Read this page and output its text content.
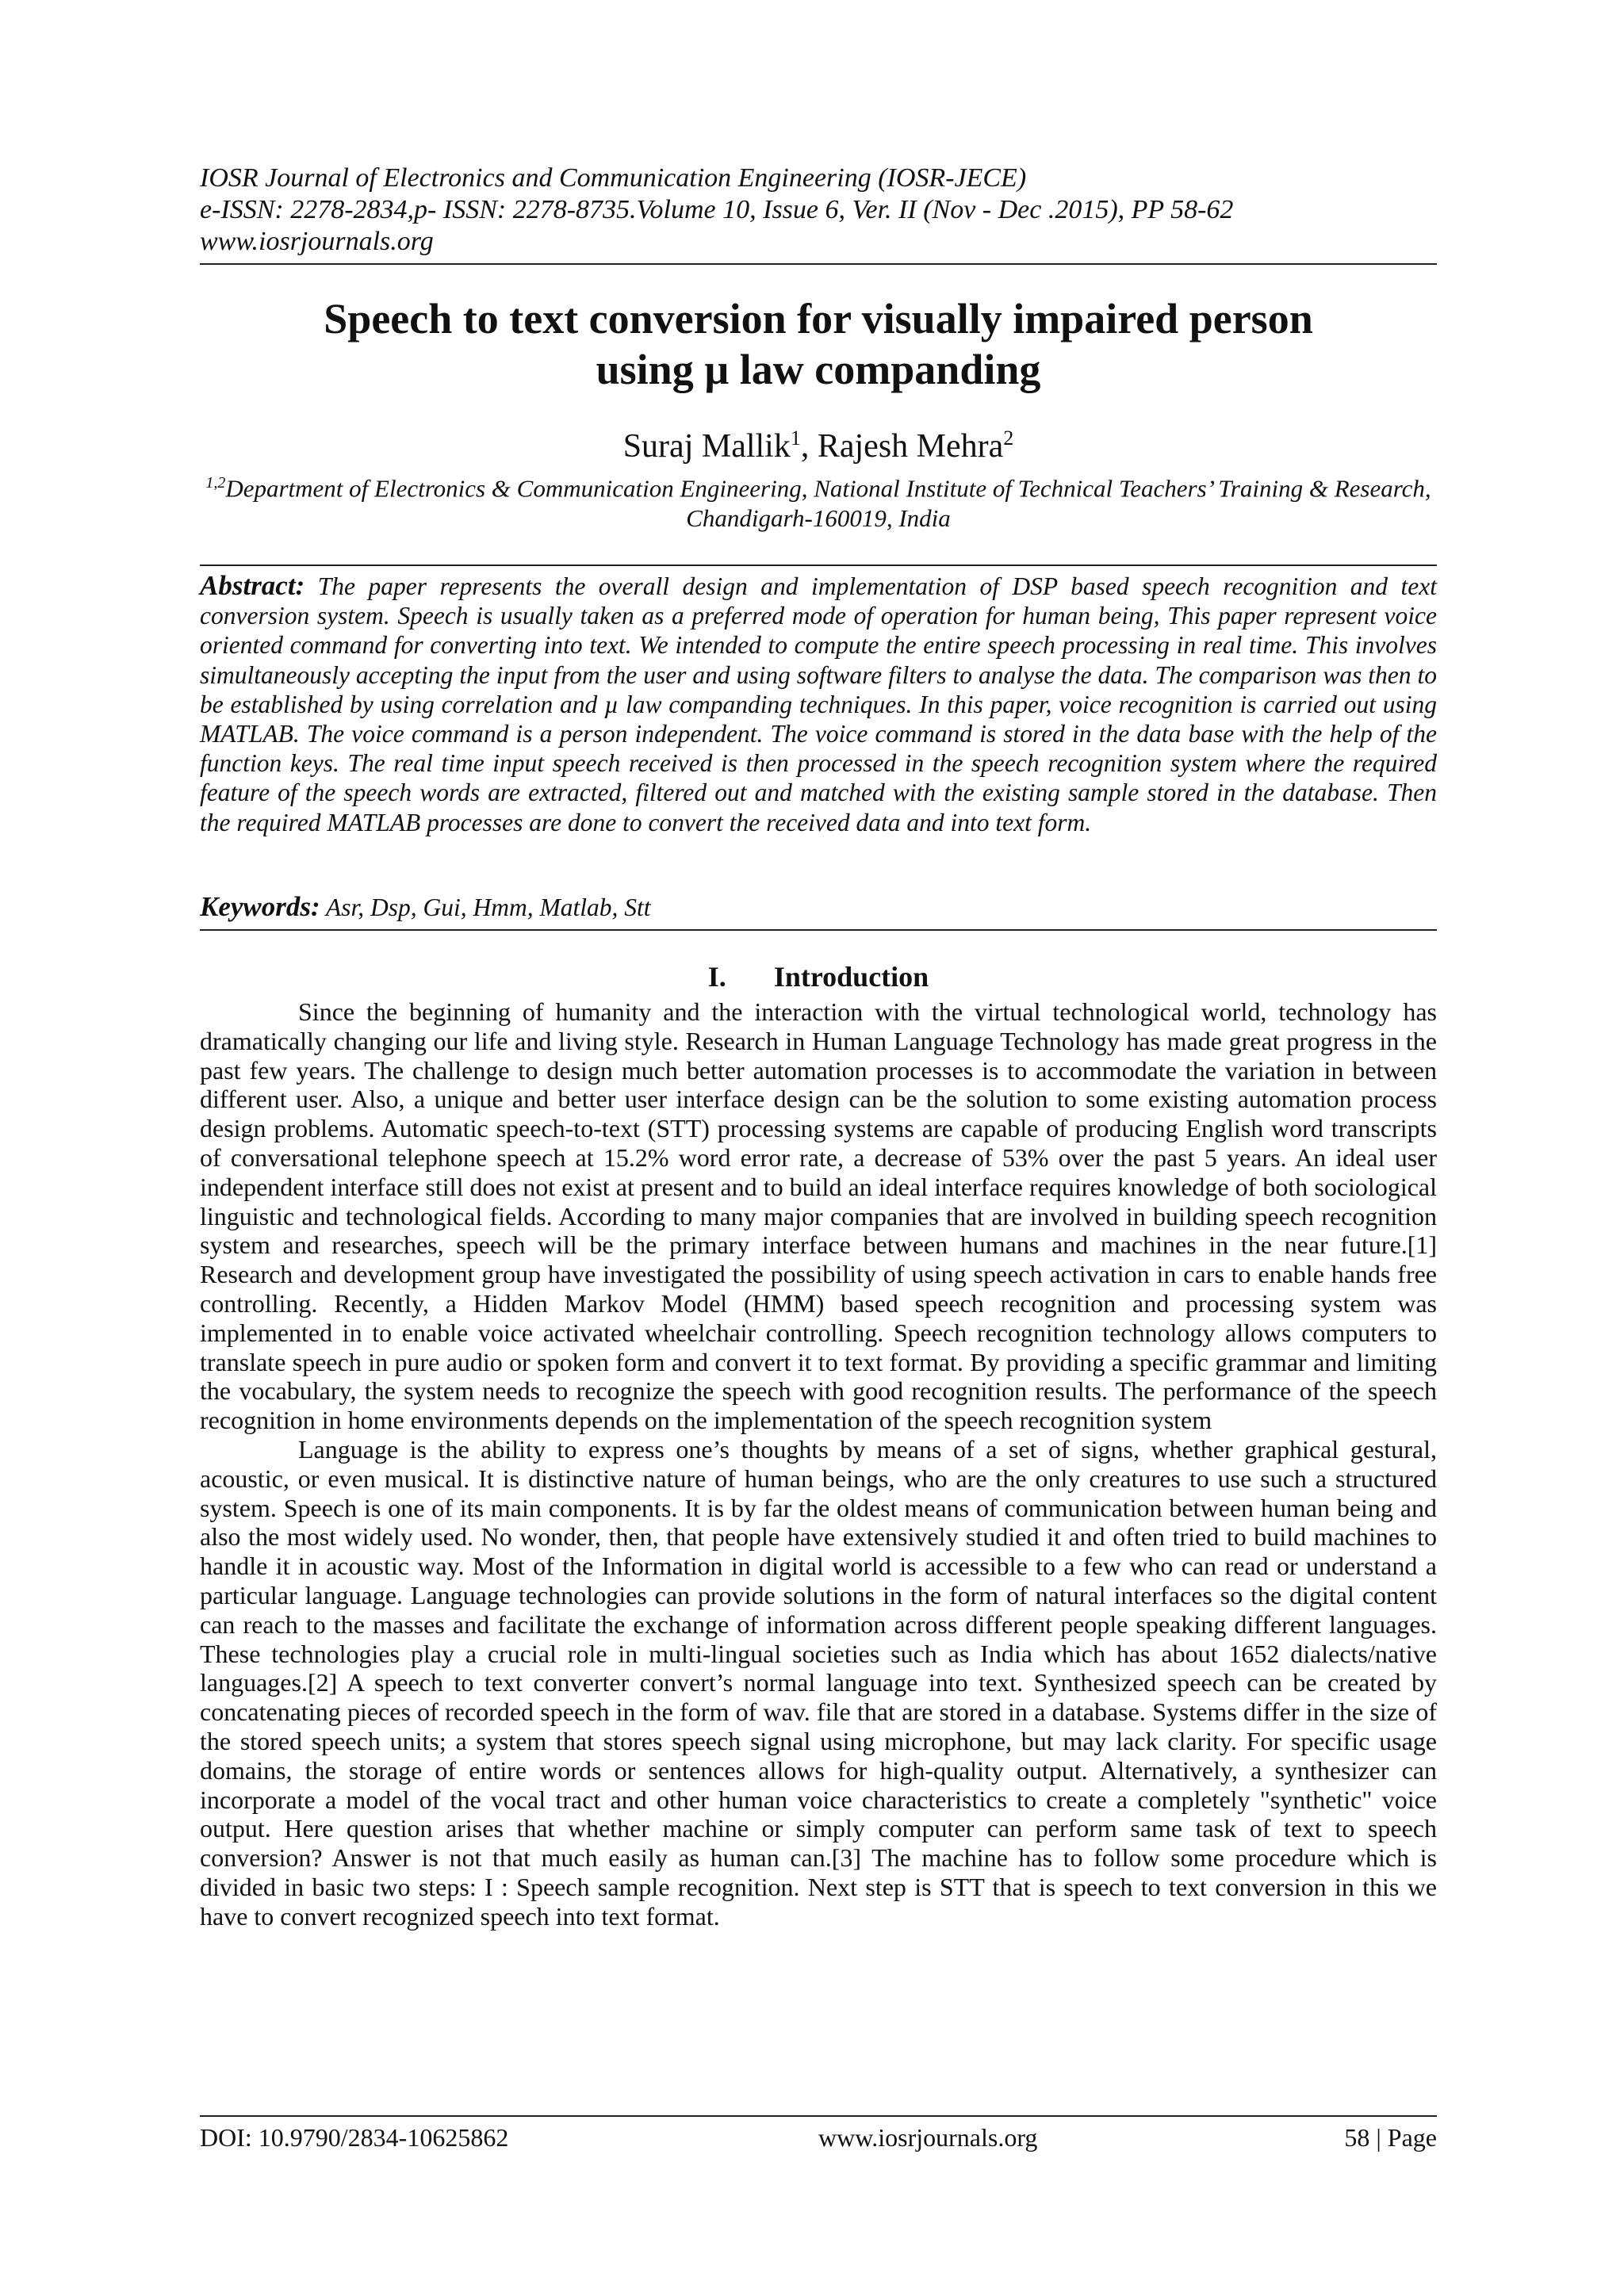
IOSR Journal of Electronics and Communication Engineering (IOSR-JECE)
e-ISSN: 2278-2834,p- ISSN: 2278-8735.Volume 10, Issue 6, Ver. II (Nov - Dec .2015), PP 58-62
www.iosrjournals.org
Speech to text conversion for visually impaired person
using µ law companding
Suraj Mallik$^1$, Rajesh Mehra$^2$
$^{1,2}$Department of Electronics & Communication Engineering, National Institute of Technical Teachers’ Training & Research, Chandigarh-160019, India
Abstract: The paper represents the overall design and implementation of DSP based speech recognition and text conversion system. Speech is usually taken as a preferred mode of operation for human being, This paper represent voice oriented command for converting into text. We intended to compute the entire speech processing in real time. This involves simultaneously accepting the input from the user and using software filters to analyse the data. The comparison was then to be established by using correlation and µ law companding techniques. In this paper, voice recognition is carried out using MATLAB. The voice command is a person independent. The voice command is stored in the data base with the help of the function keys. The real time input speech received is then processed in the speech recognition system where the required feature of the speech words are extracted, filtered out and matched with the existing sample stored in the database. Then the required MATLAB processes are done to convert the received data and into text form.
Keywords: Asr, Dsp, Gui, Hmm, Matlab, Stt
I. Introduction

Since the beginning of humanity and the interaction with the virtual technological world, technology has dramatically changing our life and living style. Research in Human Language Technology has made great progress in the past few years. The challenge to design much better automation processes is to accommodate the variation in between different user. Also, a unique and better user interface design can be the solution to some existing automation process design problems. Automatic speech-to-text (STT) processing systems are capable of producing English word transcripts of conversational telephone speech at 15.2% word error rate, a decrease of 53% over the past 5 years. An ideal user independent interface still does not exist at present and to build an ideal interface requires knowledge of both sociological linguistic and technological fields. According to many major companies that are involved in building speech recognition system and researches, speech will be the primary interface between humans and machines in the near future.[1] Research and development group have investigated the possibility of using speech activation in cars to enable hands free controlling. Recently, a Hidden Markov Model (HMM) based speech recognition and processing system was implemented in to enable voice activated wheelchair controlling. Speech recognition technology allows computers to translate speech in pure audio or spoken form and convert it to text format. By providing a specific grammar and limiting the vocabulary, the system needs to recognize the speech with good recognition results. The performance of the speech recognition in home environments depends on the implementation of the speech recognition system

Language is the ability to express one’s thoughts by means of a set of signs, whether graphical gestural, acoustic, or even musical. It is distinctive nature of human beings, who are the only creatures to use such a structured system. Speech is one of its main components. It is by far the oldest means of communication between human being and also the most widely used. No wonder, then, that people have extensively studied it and often tried to build machines to handle it in acoustic way. Most of the Information in digital world is accessible to a few who can read or understand a particular language. Language technologies can provide solutions in the form of natural interfaces so the digital content can reach to the masses and facilitate the exchange of information across different people speaking different languages. These technologies play a crucial role in multi-lingual societies such as India which has about 1652 dialects/native languages.[2] A speech to text converter convert’s normal language into text. Synthesized speech can be created by concatenating pieces of recorded speech in the form of wav. file that are stored in a database. Systems differ in the size of the stored speech units; a system that stores speech signal using microphone, but may lack clarity. For specific usage domains, the storage of entire words or sentences allows for high-quality output. Alternatively, a synthesizer can incorporate a model of the vocal tract and other human voice characteristics to create a completely "synthetic" voice output. Here question arises that whether machine or simply computer can perform same task of text to speech conversion? Answer is not that much easily as human can.[3] The machine has to follow some procedure which is divided in basic two steps: I : Speech sample recognition. Next step is STT that is speech to text conversion in this we have to convert recognized speech into text format.

DOI: 10.9790/2834-10625862	www.iosrjournals.org	58 | Page
